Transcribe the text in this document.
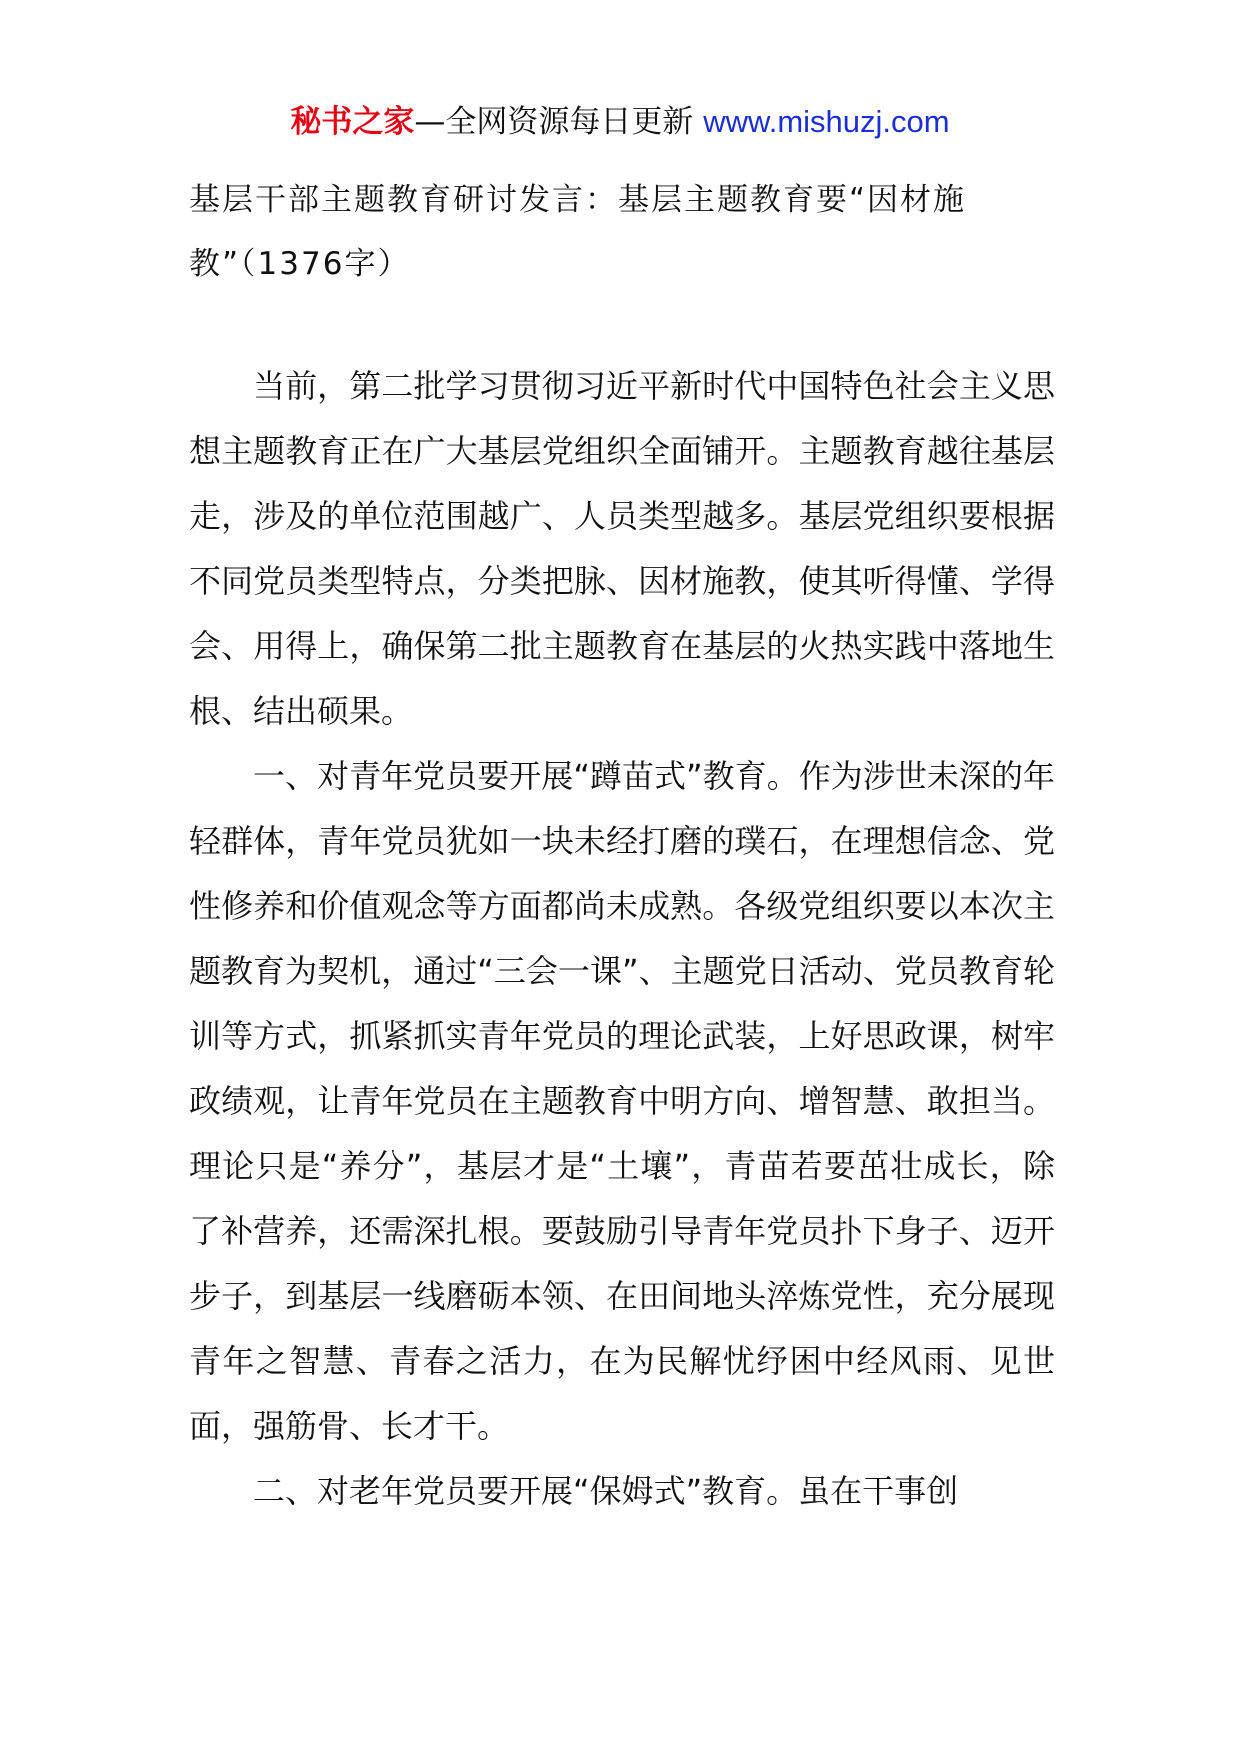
秘书之家—全网资源每日更新 www.mishuzj.com
基层干部主题教育研讨发言：基层主题教育要“因材施教”（1376字）

当前，第二批学习贯彻习近平新时代中国特色社会主义思想主题教育正在广大基层党组织全面铺开。主题教育越往基层走，涉及的单位范围越广、人员类型越多。基层党组织要根据不同党员类型特点，分类把脉、因材施教，使其听得懂、学得会、用得上，确保第二批主题教育在基层的火热实践中落地生根、结出硕果。

一、对青年党员要开展“蹲苗式”教育。作为涉世未深的年轻群体，青年党员犹如一块未经打磨的璞石，在理想信念、党性修养和价值观念等方面都尚未成熟。各级党组织要以本次主题教育为契机，通过“三会一课”、主题党日活动、党员教育轮训等方式，抓紧抓实青年党员的理论武装，上好思政课，树牢政绩观，让青年党员在主题教育中明方向、增智慧、敢担当。理论只是“养分”，基层才是“土壤”，青苗若要茁壮成长，除了补营养，还需深扎根。要鼓励引导青年党员扑下身子、迈开步子，到基层一线磨砺本领、在田间地头淬炼党性，充分展现青年之智慧、青春之活力，在为民解忧纾困中经风雨、见世面，强筋骨、长才干。

二、对老年党员要开展“保姆式”教育。虽在干事创
